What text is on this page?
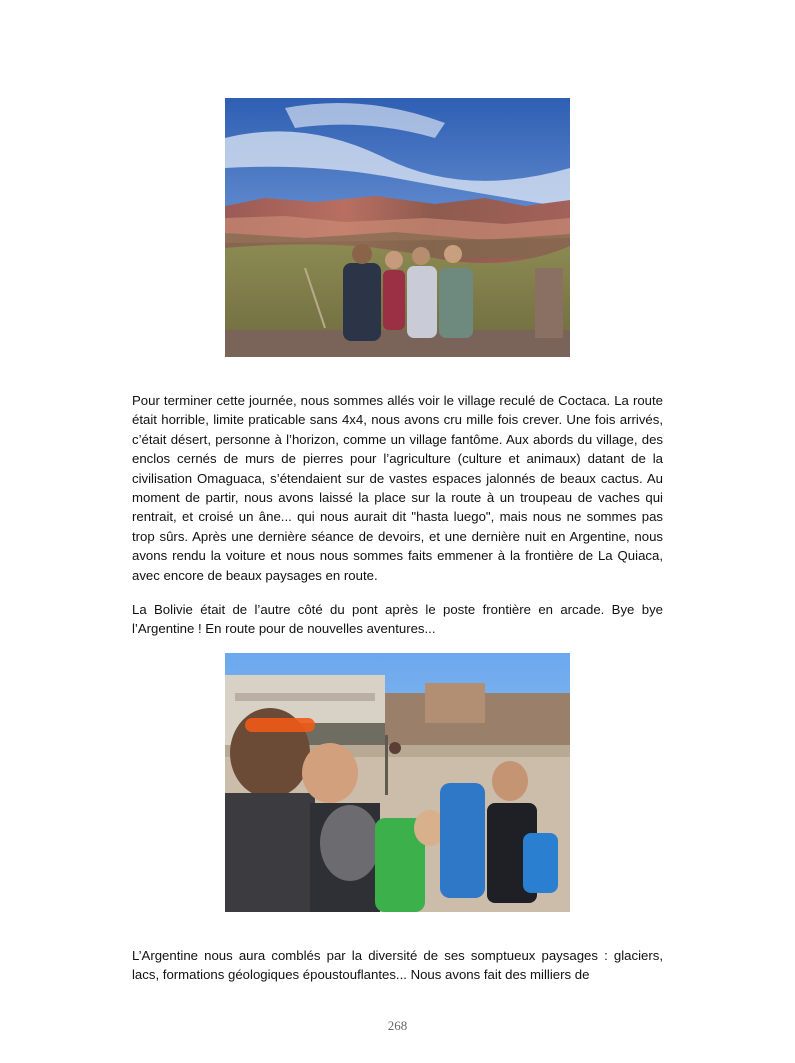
Pour terminer cette journée, nous sommes allés voir le village reculé de Coctaca. La route était horrible, limite praticable sans 4x4, nous avons cru mille fois crever. Une fois arrivés, c’était désert, personne à l’horizon, comme un village fantôme. Aux abords du village, des enclos cernés de murs de pierres pour l’agriculture (culture et animaux) datant de la civilisation Omaguaca, s’étendaient sur de vastes espaces jalonnés de beaux cactus. Au moment de partir, nous avons laissé la place sur la route à un troupeau de vaches qui rentrait, et croisé un âne... qui nous aurait dit "hasta luego", mais nous ne sommes pas trop sûrs. Après une dernière séance de devoirs, et une dernière nuit en Argentine, nous avons rendu la voiture et nous nous sommes faits emmener à la frontière de La Quiaca, avec encore de beaux paysages en route.

La Bolivie était de l’autre côté du pont après le poste frontière en arcade. Bye bye l’Argentine ! En route pour de nouvelles aventures...

L’Argentine nous aura comblés par la diversité de ses somptueux paysages : glaciers, lacs, formations géologiques époustouflantes... Nous avons fait des milliers de

268
